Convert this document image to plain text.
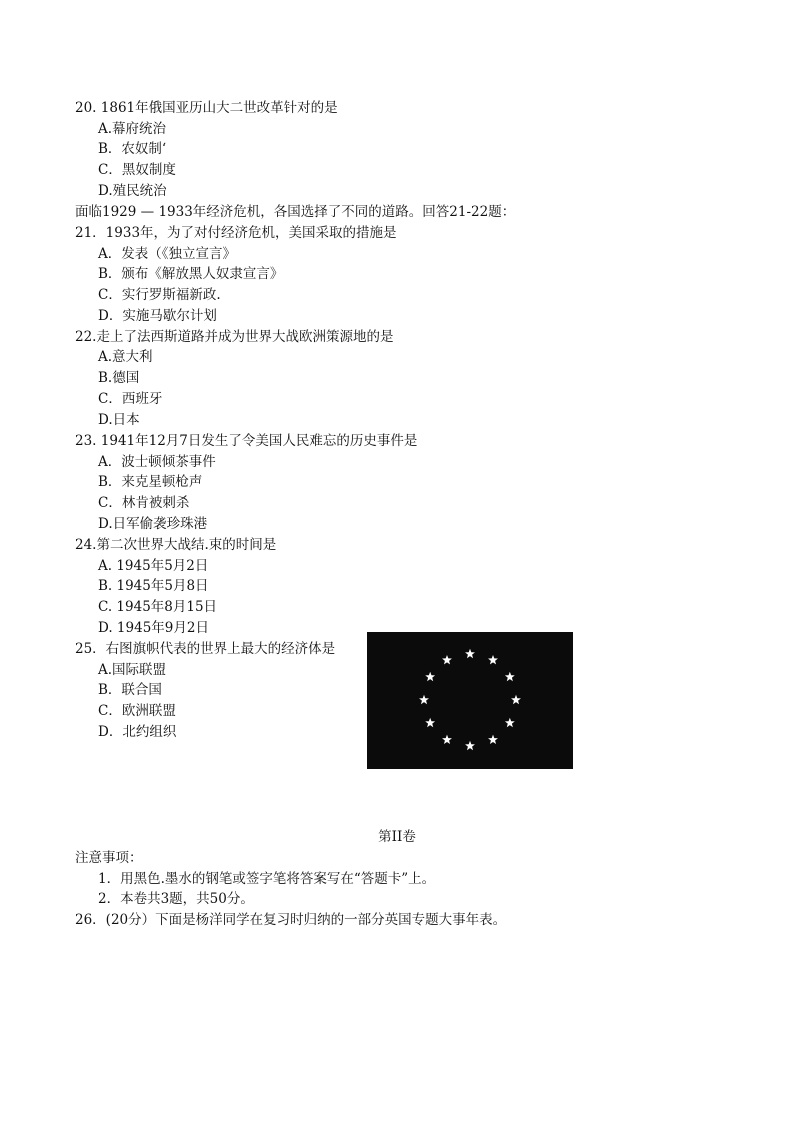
20. 1861年俄国亚历山大二世改革针对的是
A.幕府统治
B．农奴制‘
C．黑奴制度
D.殖民统治
面临1929 — 1933年经济危机，各国选择了不同的道路。回答21-22题：
21．1933年，为了对付经济危机，美国采取的措施是
A．发表（《独立宣言》
B．颁布《解放黑人奴隶宣言》
C．实行罗斯福新政.
D．实施马歇尔计划
22.走上了法西斯道路并成为世界大战欧洲策源地的是
A.意大利
B.德国
C．西班牙
D.日本
23. 1941年12月7日发生了令美国人民难忘的历史事件是
A．波士顿倾茶事件
B．来克星顿枪声
C．林肯被刺杀
D.日军偷袭珍珠港
24.第二次世界大战结.束的时间是
A. 1945年5月2日
B. 1945年5月8日
C. 1945年8月15日
D. 1945年9月2日
25．右图旗帜代表的世界上最大的经济体是
A.国际联盟
B．联合国
C．欧洲联盟
D．北约组织
第II卷
注意事项：
1．用黑色.墨水的钢笔或签字笔将答案写在“答题卡”上。
2．本卷共3题，共50分。
26．(20分）下面是杨洋同学在复习时归纳的一部分英国专题大事年表。
